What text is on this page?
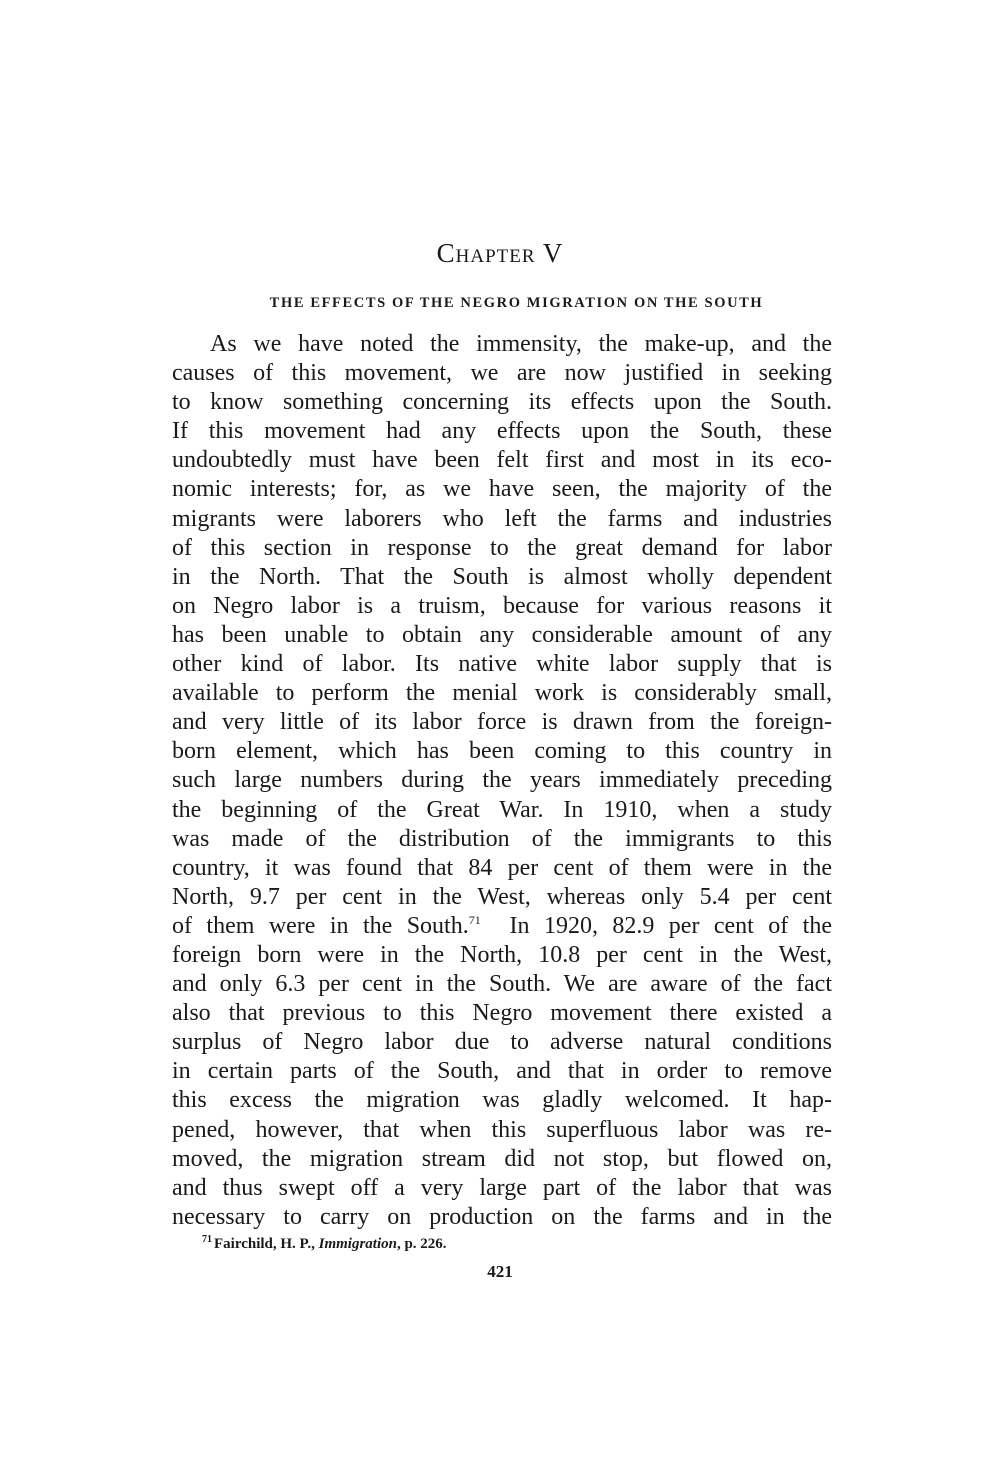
Chapter V
THE EFFECTS OF THE NEGRO MIGRATION ON THE SOUTH
As we have noted the immensity, the make-up, and the
causes of this movement, we are now justified in seeking
to know something concerning its effects upon the South.
If this movement had any effects upon the South, these
undoubtedly must have been felt first and most in its eco-
nomic interests; for, as we have seen, the majority of the
migrants were laborers who left the farms and industries
of this section in response to the great demand for labor
in the North. That the South is almost wholly dependent
on Negro labor is a truism, because for various reasons it
has been unable to obtain any considerable amount of any
other kind of labor. Its native white labor supply that is
available to perform the menial work is considerably small,
and very little of its labor force is drawn from the foreign-
born element, which has been coming to this country in
such large numbers during the years immediately preceding
the beginning of the Great War. In 1910, when a study
was made of the distribution of the immigrants to this
country, it was found that 84 per cent of them were in the
North, 9.7 per cent in the West, whereas only 5.4 per cent
of them were in the South.$^{71}$  In 1920, 82.9 per cent of the
foreign born were in the North, 10.8 per cent in the West,
and only 6.3 per cent in the South. We are aware of the fact
also that previous to this Negro movement there existed a
surplus of Negro labor due to adverse natural conditions
in certain parts of the South, and that in order to remove
this excess the migration was gladly welcomed. It hap-
pened, however, that when this superfluous labor was re-
moved, the migration stream did not stop, but flowed on,
and thus swept off a very large part of the labor that was
necessary to carry on production on the farms and in the

$^{71}$ Fairchild, H. P., Immigration, p. 226.

421
